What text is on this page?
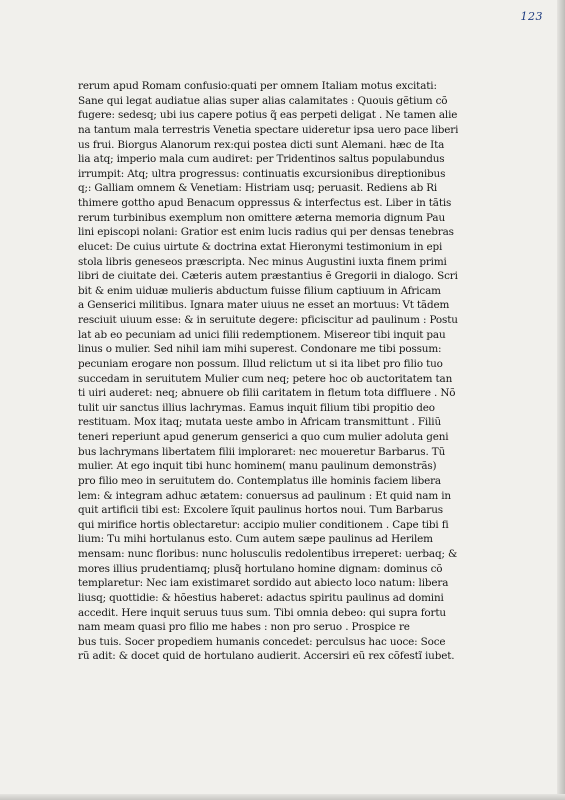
123
rerum apud Romam confusio:quati per omnem Italiam motus excitati:
Sane qui legat audiatue alias super alias calamitates : Quouis gẽtium cõ
fugere: sedesq; ubi ius capere potius q̃ eas perpeti deligat . Ne tamen alie
na tantum mala terrestris Venetia spectare uideretur ipsa uero pace liberi
us frui. Biorgus Alanorum rex:qui postea dicti sunt Alemani. hæc de Ita
lia atq; imperio mala cum audiret: per Tridentinos saltus populabundus
irrumpit: Atq; ultra progressus: continuatis excursionibus direptionibus
q;: Galliam omnem & Venetiam: Histriam usq; peruasit. Rediens ab Ri
thimere gottho apud Benacum oppressus & interfectus est. Liber in tãtis
rerum turbinibus exemplum non omittere æterna memoria dignum Pau
lini episcopi nolani: Gratior est enim lucis radius qui per densas tenebras
elucet: De cuius uirtute & doctrina extat Hieronymi testimonium in epi
stola libris geneseos præscripta. Nec minus Augustini iuxta finem primi
libri de ciuitate dei. Cæteris autem præstantius ẽ Gregorii in dialogo. Scri
bit & enim uiduæ mulieris abductum fuisse filium captiuum in Africam
a Genserici militibus. Ignara mater uiuus ne esset an mortuus: Vt tãdem
resciuit uiuum esse: & in seruitute degere: pficiscitur ad paulinum : Postu
lat ab eo pecuniam ad unici filii redemptionem. Misereor tibi inquit pau
linus o mulier. Sed nihil iam mihi superest. Condonare me tibi possum:
pecuniam erogare non possum. Illud relictum ut si ita libet pro filio tuo
succedam in seruitutem Mulier cum neq; petere hoc ob auctoritatem tan
ti uiri auderet: neq; abnuere ob filii caritatem in fletum tota diffluere . Nõ
tulit uir sanctus illius lachrymas. Eamus inquit filium tibi propitio deo
restituam. Mox itaq; mutata ueste ambo in Africam transmittunt . Filiũ
teneri reperiunt apud generum genserici a quo cum mulier adoluta geni
bus lachrymans libertatem filii imploraret: nec moueretur Barbarus. Tũ
mulier. At ego inquit tibi hunc hominem( manu paulinum demonstrãs)
pro filio meo in seruitutem do. Contemplatus ille hominis faciem libera
lem: & integram adhuc ætatem: conuersus ad paulinum : Et quid nam in
quit artificii tibi est: Excolere ĩquit paulinus hortos noui. Tum Barbarus
qui mirifice hortis oblectaretur: accipio mulier conditionem . Cape tibi fi
lium: Tu mihi hortulanus esto. Cum autem sæpe paulinus ad Herilem
mensam: nunc floribus: nunc holusculis redolentibus irreperet: uerbaq; &
mores illius prudentiamq; plusq̃ hortulano homine dignam: dominus cõ
templaretur: Nec iam existimaret sordido aut abiecto loco natum: libera
liusq; quottidie: & hõestius haberet: adactus spiritu paulinus ad domini
accedit. Here inquit seruus tuus sum. Tibi omnia debeo: qui supra fortu
nam meam quasi pro filio me habes : non pro seruo . Prospice re
bus tuis. Socer propediem humanis concedet: perculsus hac uoce: Soce
rũ adit: & docet quid de hortulano audierit. Accersiri eũ rex cõfestĩ iubet.
